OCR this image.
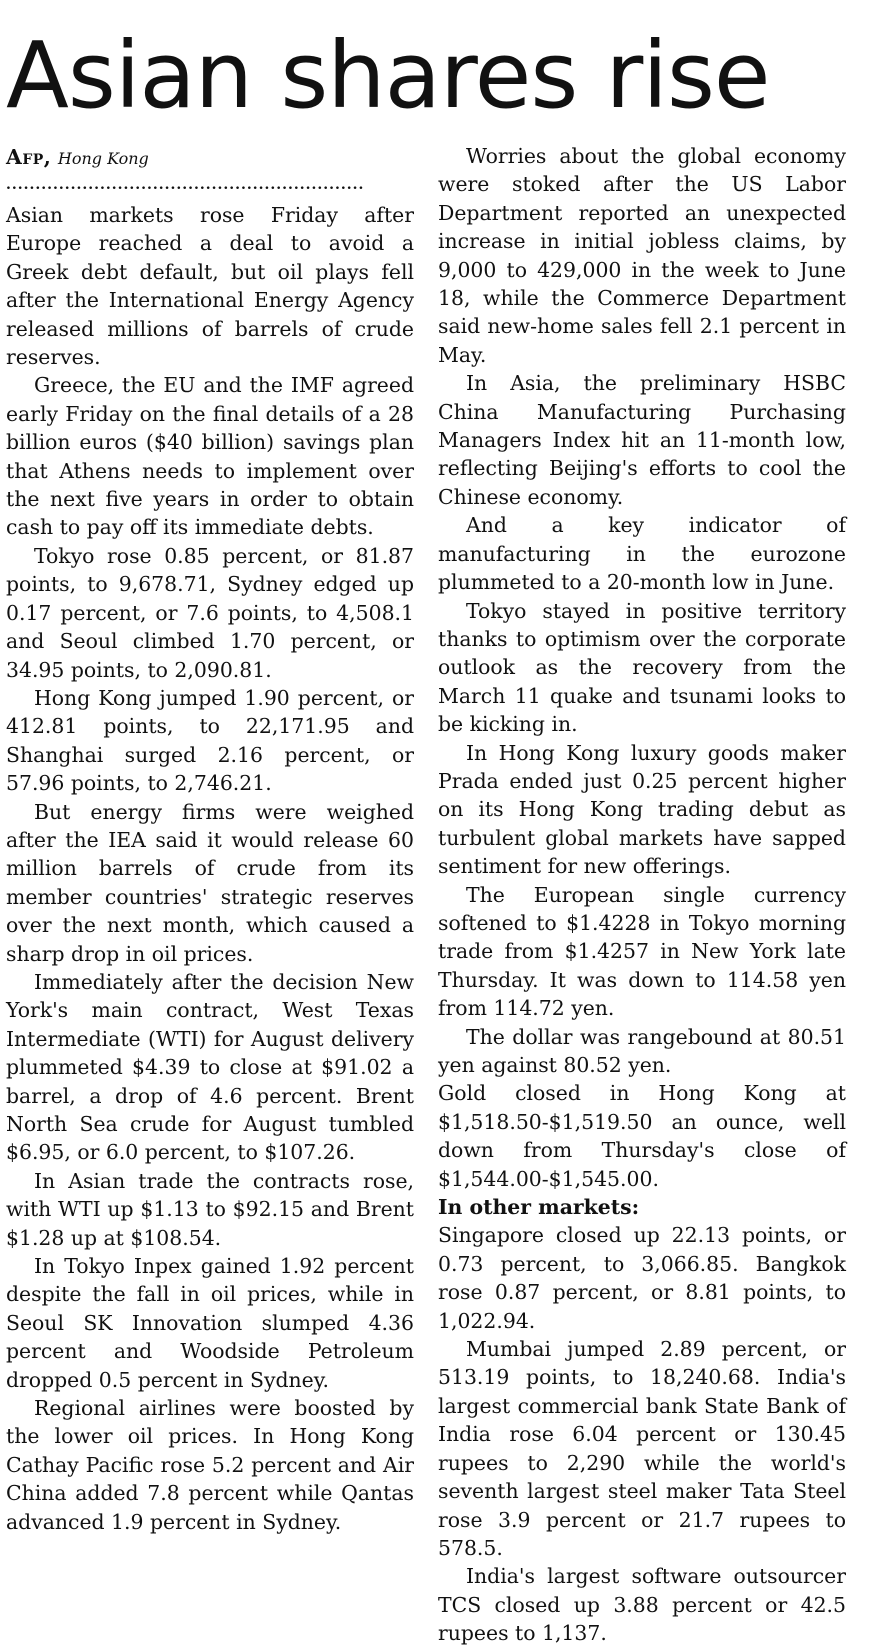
Asian shares rise
Afp, Hong Kong
.............................................................

Asian markets rose Friday after Europe reached a deal to avoid a Greek debt default, but oil plays fell after the International Energy Agency released millions of barrels of crude reserves.

Greece, the EU and the IMF agreed early Friday on the final details of a 28 billion euros ($40 billion) savings plan that Athens needs to implement over the next five years in order to obtain cash to pay off its immediate debts.

Tokyo rose 0.85 percent, or 81.87 points, to 9,678.71, Sydney edged up 0.17 percent, or 7.6 points, to 4,508.1 and Seoul climbed 1.70 percent, or 34.95 points, to 2,090.81.

Hong Kong jumped 1.90 percent, or 412.81 points, to 22,171.95 and Shanghai surged 2.16 percent, or 57.96 points, to 2,746.21.

But energy firms were weighed after the IEA said it would release 60 million barrels of crude from its member countries' strategic reserves over the next month, which caused a sharp drop in oil prices.

Immediately after the decision New York's main contract, West Texas Intermediate (WTI) for August delivery plummeted $4.39 to close at $91.02 a barrel, a drop of 4.6 percent. Brent North Sea crude for August tumbled $6.95, or 6.0 percent, to $107.26.

In Asian trade the contracts rose, with WTI up $1.13 to $92.15 and Brent $1.28 up at $108.54.

In Tokyo Inpex gained 1.92 percent despite the fall in oil prices, while in Seoul SK Innovation slumped 4.36 percent and Woodside Petroleum dropped 0.5 percent in Sydney.

Regional airlines were boosted by the lower oil prices. In Hong Kong Cathay Pacific rose 5.2 percent and Air China added 7.8 percent while Qantas advanced 1.9 percent in Sydney.

Worries about the global economy were stoked after the US Labor Department reported an unexpected increase in initial jobless claims, by 9,000 to 429,000 in the week to June 18, while the Commerce Department said new-home sales fell 2.1 percent in May.

In Asia, the preliminary HSBC China Manufacturing Purchasing Managers Index hit an 11-month low, reflecting Beijing's efforts to cool the Chinese economy.

And a key indicator of manufacturing in the eurozone plummeted to a 20-month low in June.

Tokyo stayed in positive territory thanks to optimism over the corporate outlook as the recovery from the March 11 quake and tsunami looks to be kicking in.

In Hong Kong luxury goods maker Prada ended just 0.25 percent higher on its Hong Kong trading debut as turbulent global markets have sapped sentiment for new offerings.

The European single currency softened to $1.4228 in Tokyo morning trade from $1.4257 in New York late Thursday. It was down to 114.58 yen from 114.72 yen.

The dollar was rangebound at 80.51 yen against 80.52 yen.

Gold closed in Hong Kong at $1,518.50-$1,519.50 an ounce, well down from Thursday's close of $1,544.00-$1,545.00.

In other markets:

Singapore closed up 22.13 points, or 0.73 percent, to 3,066.85. Bangkok rose 0.87 percent, or 8.81 points, to 1,022.94.

Mumbai jumped 2.89 percent, or 513.19 points, to 18,240.68. India's largest commercial bank State Bank of India rose 6.04 percent or 130.45 rupees to 2,290 while the world's seventh largest steel maker Tata Steel rose 3.9 percent or 21.7 rupees to 578.5.

India's largest software outsourcer TCS closed up 3.88 percent or 42.5 rupees to 1,137.
